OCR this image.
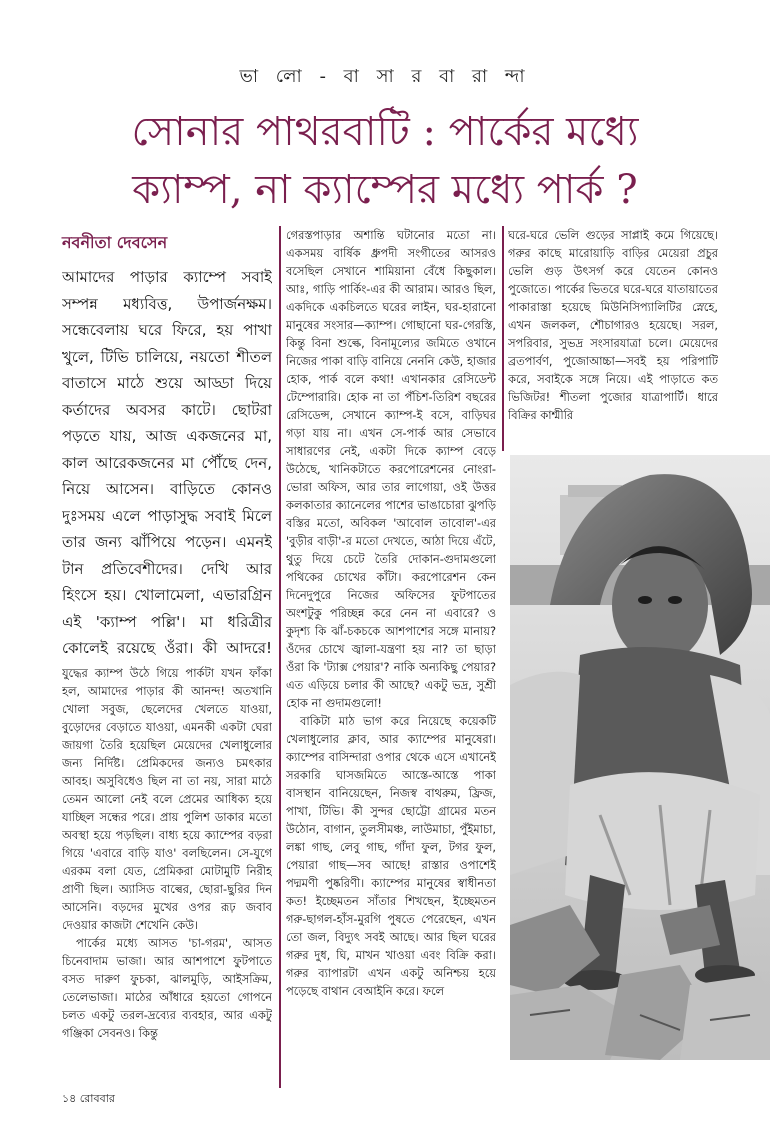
ভা লো - বা সা র বা রা ন্দা
সোনার পাথরবাটি : পার্কের মধ্যে
ক্যাম্প, না ক্যাম্পের মধ্যে পার্ক ?
নবনীতা দেবসেন
আমাদের পাড়ার ক্যাম্পে সবাই সম্পন্ন মধ্যবিত্ত, উপার্জনক্ষম। সন্ধেবেলায় ঘরে ফিরে, হয় পাখা খুলে, টিভি চালিয়ে, নয়তো শীতল বাতাসে মাঠে শুয়ে আড্ডা দিয়ে কর্তাদের অবসর কাটে। ছোটরা পড়তে যায়, আজ একজনের মা, কাল আরেকজনের মা পৌঁছে দেন, নিয়ে আসেন। বাড়িতে কোনও দুঃসময় এলে পাড়াসুদ্ধ সবাই মিলে তার জন্য ঝাঁপিয়ে পড়েন। এমনই টান প্রতিবেশীদের। দেখি আর হিংসে হয়। খোলামেলা, এভারগ্রিন এই 'ক্যাম্প পল্লি'। মা ধরিত্রীর কোলেই রয়েছে ওঁরা। কী আদরে!

যুদ্ধের ক্যাম্প উঠে গিয়ে পার্কটা যখন ফাঁকা হল, আমাদের পাড়ার কী আনন্দ! অতখানি খোলা সবুজ, ছেলেদের খেলতে যাওয়া, বুড়োদের বেড়াতে যাওয়া, এমনকী একটা ঘেরা জায়গা তৈরি হয়েছিল মেয়েদের খেলাধুলোর জন্য নির্দিষ্ট। প্রেমিকদের জন্যও চমৎকার আবহ। অসুবিধেও ছিল না তা নয়, সারা মাঠে তেমন আলো নেই বলে প্রেমের আধিক্য হয়ে যাচ্ছিল সন্ধের পরে। প্রায় পুলিশ ডাকার মতো অবস্থা হয়ে পড়ছিল। বাধ্য হয়ে ক্যাম্পের বড়রা গিয়ে 'এবারে বাড়ি যাও' বলছিলেন। সে-যুগে এরকম বলা যেত, প্রেমিকরা মোটামুটি নিরীহ প্রাণী ছিল। অ্যাসিড বাল্বের, ছোরা-ছুরির দিন আসেনি। বড়দের মুখের ওপর রূঢ় জবাব দেওয়ার কাজটা শেখেনি কেউ।

পার্কের মধ্যে আসত 'চা-গরম', আসত চিনেবাদাম ভাজা। আর আশপাশে ফুটপাতে বসত দারুণ ফুচকা, ঝালমুড়ি, আইসক্রিম, তেলেভাজা। মাঠের আঁধারে হয়তো গোপনে চলত একটু তরল-দ্রব্যের ব্যবহার, আর একটু গঞ্জিকা সেবনও। কিন্তু

গেরস্তপাড়ার অশান্তি ঘটানোর মতো না। একসময় বার্ষিক ধ্রুপদী সংগীতের আসরও বসেছিল সেখানে শামিয়ানা বেঁধে কিছুকাল। আঃ, গাড়ি পার্কিং-এর কী আরাম। আরও ছিল, একদিকে একচিলতে ঘরের লাইন, ঘর-হারানো মানুষের সংসার—ক্যাম্প। গোছানো ঘর-গেরস্তি, কিন্তু বিনা শুল্কে, বিনামূল্যের জমিতে ওখানে নিজের পাকা বাড়ি বানিয়ে নেননি কেউ, হাজার হোক, পার্ক বলে কথা! এখানকার রেসিডেন্ট টেম্পোরারি। হোক না তা পঁচিশ-তিরিশ বছরের রেসিডেন্স, সেখানে ক্যাম্প-ই বসে, বাড়িঘর গড়া যায় না। এখন সে-পার্ক আর সেভাবে সাধারণের নেই, একটা দিকে ক্যাম্প বেড়ে উঠেছে, খানিকটাতে করপোরেশনের নোংরা-ভোরা অফিস, আর তার লাগোয়া, ওই উত্তর কলকাতার ক্যানেলের পাশের ভাঙাচোরা ঝুপড়ি বস্তির মতো, অবিকল 'আবোল তাবোল'-এর 'বুড়ীর বাড়ী'-র মতো দেখতে, আঠা দিয়ে এঁটে, থুতু দিয়ে চেটে তৈরি দোকান-গুদামগুলো পথিকের চোখের কাঁটা। করপোরেশন কেন দিনেদুপুরে নিজের অফিসের ফুটপাতের অংশটুকু পরিচ্ছন্ন করে নেন না এবারে? ও কুদৃশ্য কি ঝাঁ-চকচকে আশপাশের সঙ্গে মানায়? ওঁদের চোখে জ্বালা-যন্ত্রণা হয় না? তা ছাড়া ওঁরা কি 'ট্যাক্স পেয়ার'? নাকি অন্যকিছু পেয়ার? এত এড়িয়ে চলার কী আছে? একটু ভদ্র, সুশ্রী হোক না গুদামগুলো!

বাকিটা মাঠ ভাগ করে নিয়েছে কয়েকটি খেলাধুলোর ক্লাব, আর ক্যাম্পের মানুষেরা। ক্যাম্পের বাসিন্দারা ওপার থেকে এসে এখানেই সরকারি ঘাসজমিতে আস্তে-আস্তে পাকা বাসস্থান বানিয়েছেন, নিজস্ব বাথরুম, ফ্রিজ, পাখা, টিভি। কী সুন্দর ছোট্টো গ্রামের মতন উঠোন, বাগান, তুলসীমঞ্চ, লাউমাচা, পুঁইমাচা, লঙ্কা গাছ, লেবু গাছ, গাঁদা ফুল, টগর ফুল, পেয়ারা গাছ—সব আছে! রাস্তার ওপাশেই পদ্মমণী পুষ্করিণী। ক্যাম্পের মানুষের স্বাধীনতা কত! ইচ্ছেমতন সাঁতার শিখছেন, ইচ্ছেমতন গরু-ছাগল-হাঁস-মুরগি পুষতে পেরেছেন, এখন তো জল, বিদ্যুৎ সবই আছে। আর ছিল ঘরের গরুর দুধ, ঘি, মাখন খাওয়া এবং বিক্রি করা। গরুর ব্যাপারটা এখন একটু অনিশ্চয় হয়ে পড়েছে বাথান বেআইনি করে। ফলে

ঘরে-ঘরে ভেলি গুড়ের সাপ্লাই কমে গিয়েছে। গরুর কাছে মারোয়াড়ি বাড়ির মেয়েরা প্রচুর ভেলি গুড় উৎসর্গ করে যেতেন কোনও পুজোতে। পার্কের ভিতরে ঘরে-ঘরে যাতায়াতের পাকারাস্তা হয়েছে মিউনিসিপ্যালিটির স্নেহে, এখন জলকল, শৌচাগারও হয়েছে। সরল, সপরিবার, সুভদ্র সংসারযাত্রা চলে। মেয়েদের ব্রতপার্বণ, পুজোআচ্চা—সবই হয় পরিপাটি করে, সবাইকে সঙ্গে নিয়ে। এই পাড়াতে কত ভিজিটর! শীতলা পুজোর যাত্রাপার্টি। ধারে বিক্রির কাশ্মীরি

১৪ রোববার
